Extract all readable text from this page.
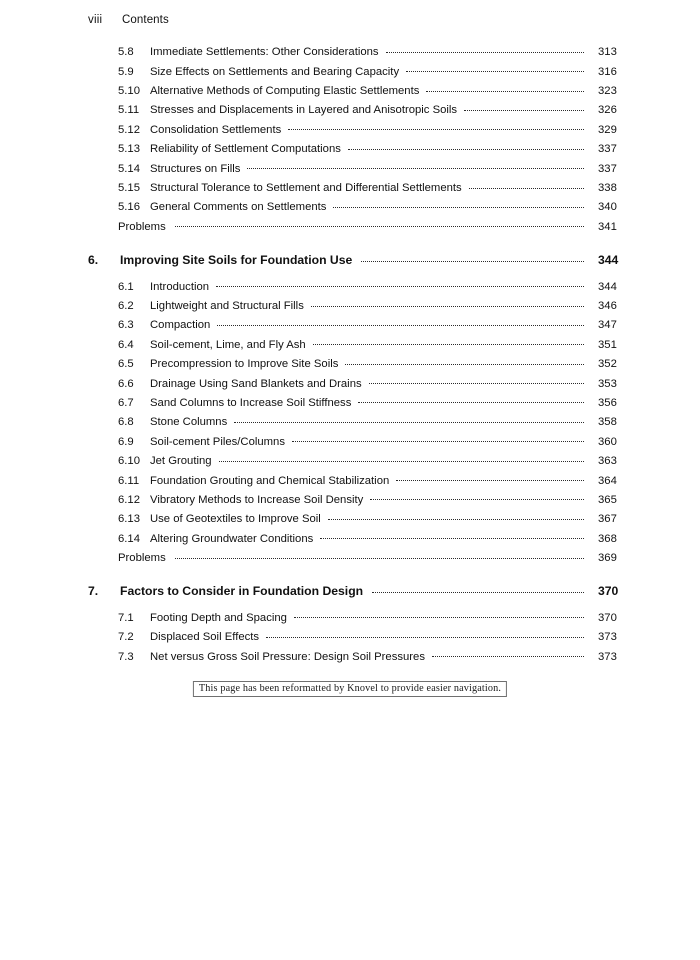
viii	Contents
5.8	Immediate Settlements: Other Considerations	313
5.9	Size Effects on Settlements and Bearing Capacity	316
5.10 Alternative Methods of Computing Elastic Settlements	323
5.11 Stresses and Displacements in Layered and Anisotropic Soils	326
5.12 Consolidation Settlements	329
5.13 Reliability of Settlement Computations	337
5.14 Structures on Fills	337
5.15 Structural Tolerance to Settlement and Differential Settlements	338
5.16 General Comments on Settlements	340
Problems	341
6.	Improving Site Soils for Foundation Use	344
6.1	Introduction	344
6.2	Lightweight and Structural Fills	346
6.3	Compaction	347
6.4	Soil-cement, Lime, and Fly Ash	351
6.5	Precompression to Improve Site Soils	352
6.6	Drainage Using Sand Blankets and Drains	353
6.7	Sand Columns to Increase Soil Stiffness	356
6.8	Stone Columns	358
6.9	Soil-cement Piles/Columns	360
6.10 Jet Grouting	363
6.11 Foundation Grouting and Chemical Stabilization	364
6.12 Vibratory Methods to Increase Soil Density	365
6.13 Use of Geotextiles to Improve Soil	367
6.14 Altering Groundwater Conditions	368
Problems	369
7.	Factors to Consider in Foundation Design	370
7.1	Footing Depth and Spacing	370
7.2	Displaced Soil Effects	373
7.3	Net versus Gross Soil Pressure: Design Soil Pressures	373
This page has been reformatted by Knovel to provide easier navigation.
